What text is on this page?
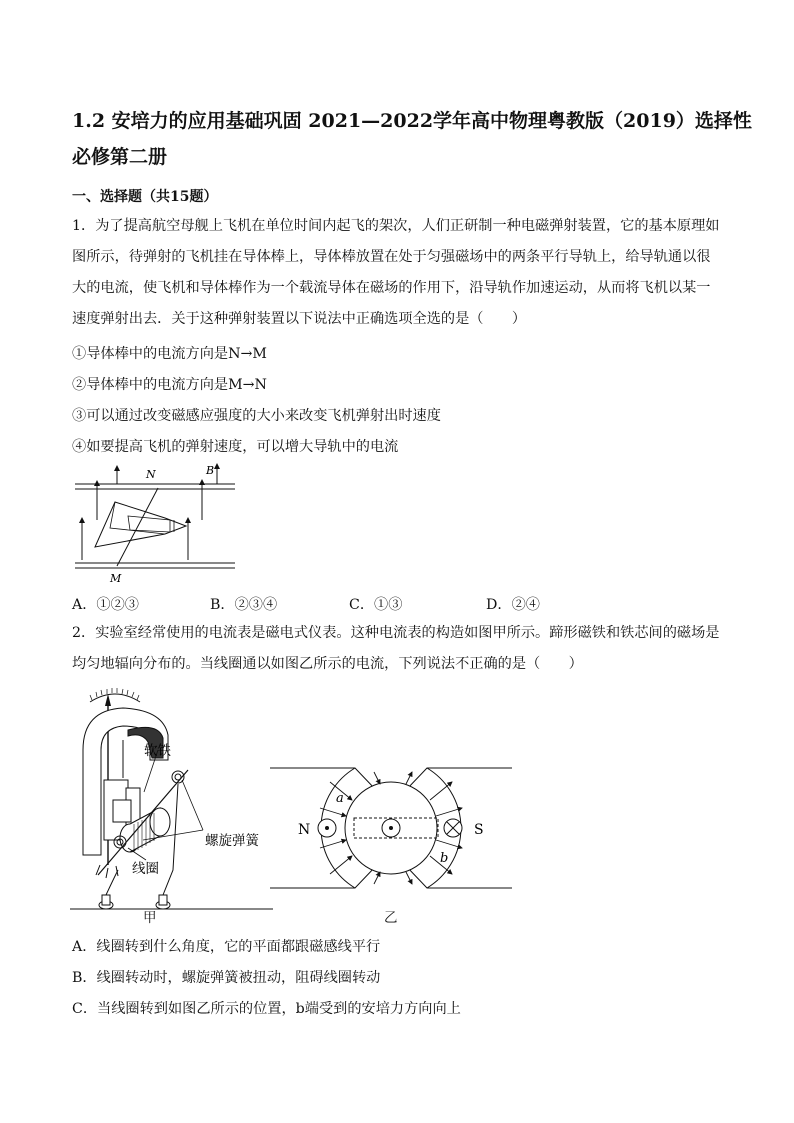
1.2 安培力的应用基础巩固 2021—2022学年高中物理粤教版（2019）选择性必修第二册
一、选择题（共15题）
1．为了提高航空母舰上飞机在单位时间内起飞的架次，人们正研制一种电磁弹射装置，它的基本原理如图所示，待弹射的飞机挂在导体棒上，导体棒放置在处于匀强磁场中的两条平行导轨上，给导轨通以很大的电流，使飞机和导体棒作为一个载流导体在磁场的作用下，沿导轨作加速运动，从而将飞机以某一速度弹射出去．关于这种弹射装置以下说法中正确选项全选的是（　　）
①导体棒中的电流方向是N→M
②导体棒中的电流方向是M→N
③可以通过改变磁感应强度的大小来改变飞机弹射出时速度
④如要提高飞机的弹射速度，可以增大导轨中的电流
N
M
B
A．①②③	B．②③④	C．①③	D．②④
2．实验室经常使用的电流表是磁电式仪表。这种电流表的构造如图甲所示。蹄形磁铁和铁芯间的磁场是均匀地辐向分布的。当线圈通以如图乙所示的电流，下列说法不正确的是（　　）
软铁
螺旋弹簧
线圈
甲
N	S
a
b
乙
A．线圈转到什么角度，它的平面都跟磁感线平行
B．线圈转动时，螺旋弹簧被扭动，阻碍线圈转动
C．当线圈转到如图乙所示的位置，b端受到的安培力方向向上
